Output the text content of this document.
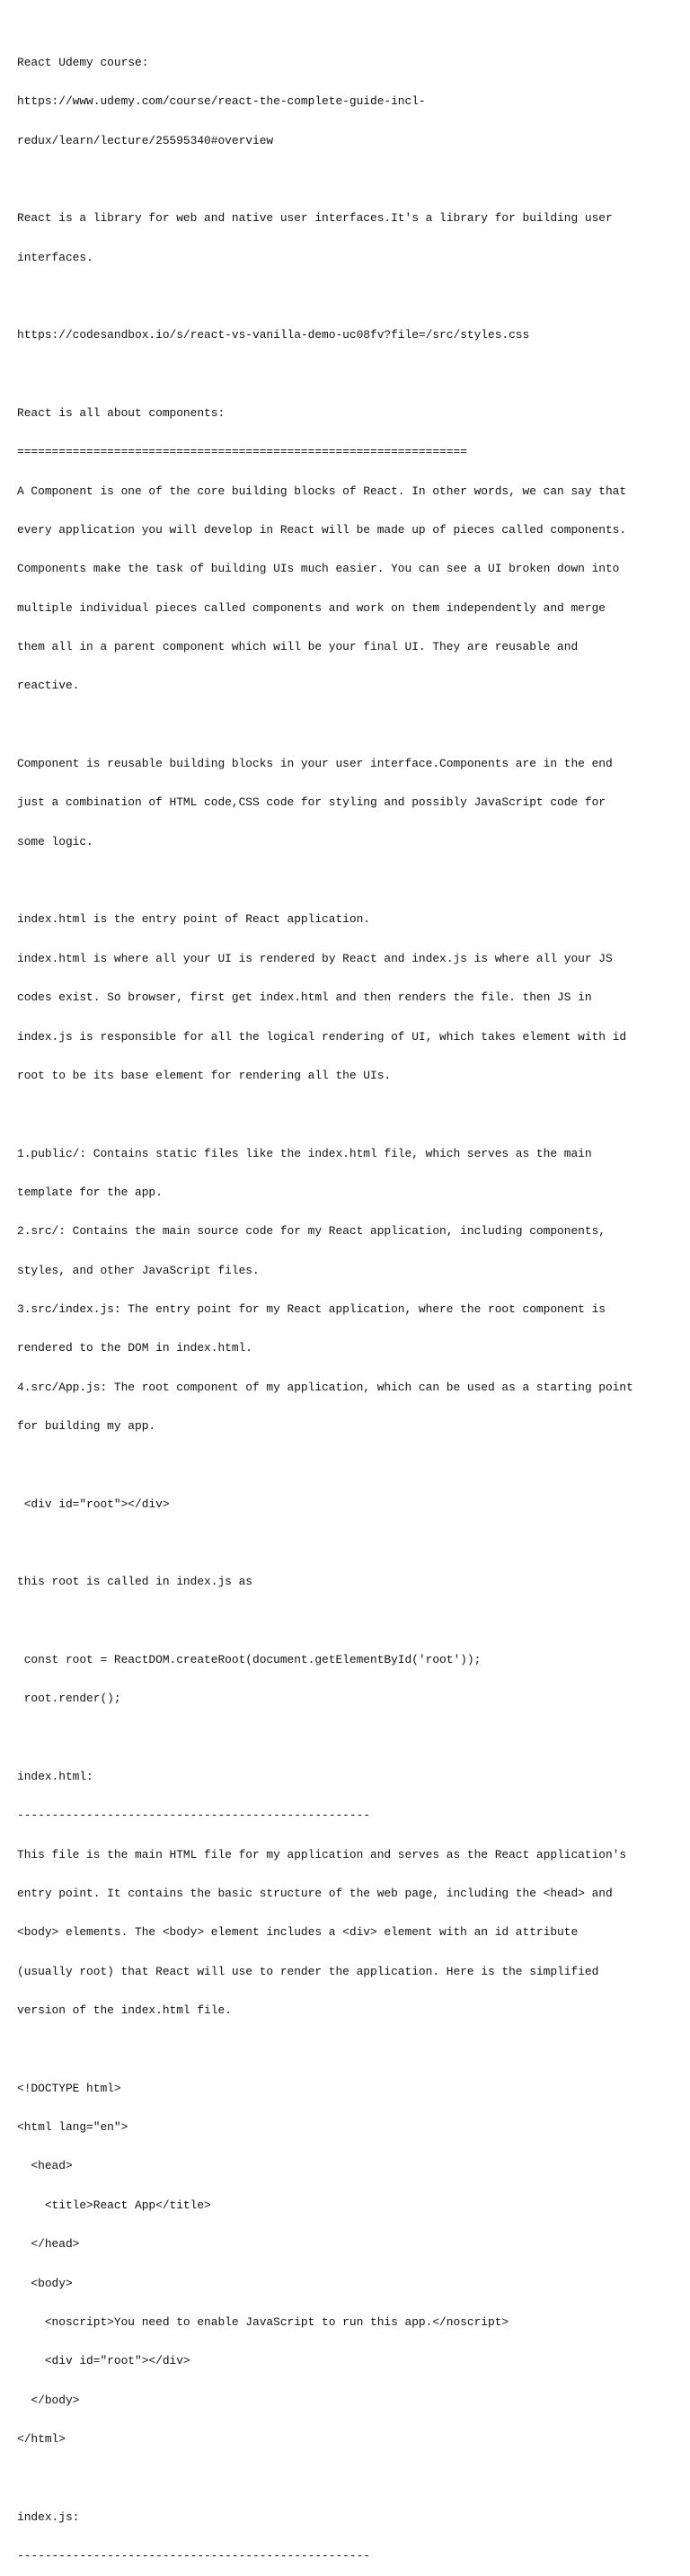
React Udemy course:

https://www.udemy.com/course/react-the-complete-guide-incl-

redux/learn/lecture/25595340#overview

React is a library for web and native user interfaces.It's a library for building user

interfaces.

https://codesandbox.io/s/react-vs-vanilla-demo-uc08fv?file=/src/styles.css

React is all about components:

=================================================================

A Component is one of the core building blocks of React. In other words, we can say that

every application you will develop in React will be made up of pieces called components.

Components make the task of building UIs much easier. You can see a UI broken down into

multiple individual pieces called components and work on them independently and merge

them all in a parent component which will be your final UI. They are reusable and

reactive.

Component is reusable building blocks in your user interface.Components are in the end

just a combination of HTML code,CSS code for styling and possibly JavaScript code for

some logic.

index.html is the entry point of React application.

index.html is where all your UI is rendered by React and index.js is where all your JS

codes exist. So browser, first get index.html and then renders the file. then JS in

index.js is responsible for all the logical rendering of UI, which takes element with id

root to be its base element for rendering all the UIs.

1.public/: Contains static files like the index.html file, which serves as the main

template for the app.

2.src/: Contains the main source code for my React application, including components,

styles, and other JavaScript files.

3.src/index.js: The entry point for my React application, where the root component is

rendered to the DOM in index.html.

4.src/App.js: The root component of my application, which can be used as a starting point

for building my app.

<div id="root"></div>

this root is called in index.js as

const root = ReactDOM.createRoot(document.getElementById('root'));

root.render();

index.html:

---------------------------------------------------

This file is the main HTML file for my application and serves as the React application's

entry point. It contains the basic structure of the web page, including the <head> and

<body> elements. The <body> element includes a <div> element with an id attribute

(usually root) that React will use to render the application. Here is the simplified

version of the index.html file.

<!DOCTYPE html>

<html lang="en">

<head>

<title>React App</title>

</head>

<body>

<noscript>You need to enable JavaScript to run this app.</noscript>

<div id="root"></div>

</body>

</html>

index.js:

---------------------------------------------------
